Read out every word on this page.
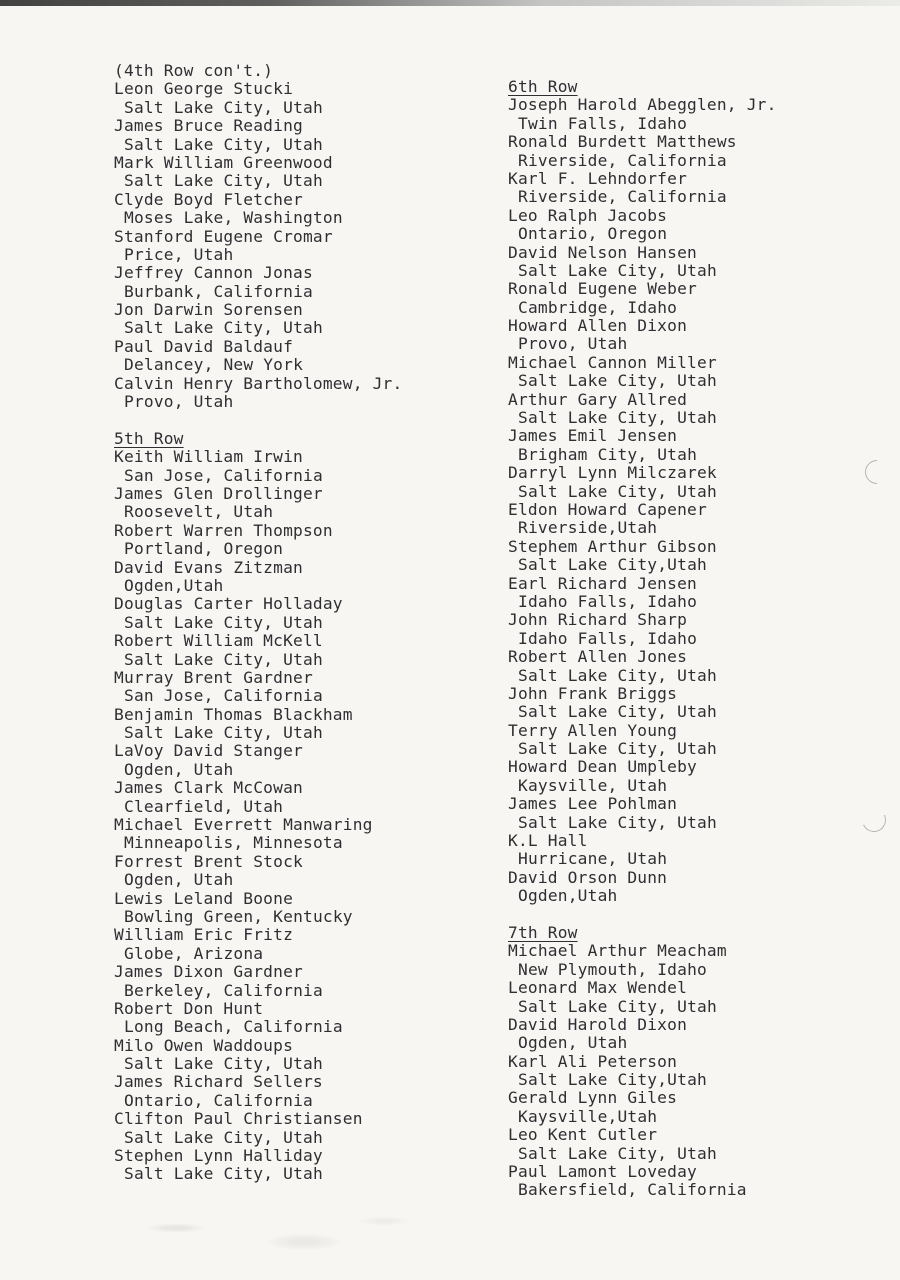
(4th Row con't.)
Leon George Stucki
Salt Lake City, Utah
James Bruce Reading
Salt Lake City, Utah
Mark William Greenwood
Salt Lake City, Utah
Clyde Boyd Fletcher
Moses Lake, Washington
Stanford Eugene Cromar
Price, Utah
Jeffrey Cannon Jonas
Burbank, California
Jon Darwin Sorensen
Salt Lake City, Utah
Paul David Baldauf
Delancey, New York
Calvin Henry Bartholomew, Jr.
Provo, Utah
5th Row
Keith William Irwin
San Jose, California
James Glen Drollinger
Roosevelt, Utah
Robert Warren Thompson
Portland, Oregon
David Evans Zitzman
Ogden,Utah
Douglas Carter Holladay
Salt Lake City, Utah
Robert William McKell
Salt Lake City, Utah
Murray Brent Gardner
San Jose, California
Benjamin Thomas Blackham
Salt Lake City, Utah
LaVoy David Stanger
Ogden, Utah
James Clark McCowan
Clearfield, Utah
Michael Everrett Manwaring
Minneapolis, Minnesota
Forrest Brent Stock
Ogden, Utah
Lewis Leland Boone
Bowling Green, Kentucky
William Eric Fritz
Globe, Arizona
James Dixon Gardner
Berkeley, California
Robert Don Hunt
Long Beach, California
Milo Owen Waddoups
Salt Lake City, Utah
James Richard Sellers
Ontario, California
Clifton Paul Christiansen
Salt Lake City, Utah
Stephen Lynn Halliday
Salt Lake City, Utah
6th Row
Joseph Harold Abegglen, Jr.
Twin Falls, Idaho
Ronald Burdett Matthews
Riverside, California
Karl F. Lehndorfer
Riverside, California
Leo Ralph Jacobs
Ontario, Oregon
David Nelson Hansen
Salt Lake City, Utah
Ronald Eugene Weber
Cambridge, Idaho
Howard Allen Dixon
Provo, Utah
Michael Cannon Miller
Salt Lake City, Utah
Arthur Gary Allred
Salt Lake City, Utah
James Emil Jensen
Brigham City, Utah
Darryl Lynn Milczarek
Salt Lake City, Utah
Eldon Howard Capener
Riverside,Utah
Stephem Arthur Gibson
Salt Lake City,Utah
Earl Richard Jensen
Idaho Falls, Idaho
John Richard Sharp
Idaho Falls, Idaho
Robert Allen Jones
Salt Lake City, Utah
John Frank Briggs
Salt Lake City, Utah
Terry Allen Young
Salt Lake City, Utah
Howard Dean Umpleby
Kaysville, Utah
James Lee Pohlman
Salt Lake City, Utah
K.L Hall
Hurricane, Utah
David Orson Dunn
Ogden,Utah
7th Row
Michael Arthur Meacham
New Plymouth, Idaho
Leonard Max Wendel
Salt Lake City, Utah
David Harold Dixon
Ogden, Utah
Karl Ali Peterson
Salt Lake City,Utah
Gerald Lynn Giles
Kaysville,Utah
Leo Kent Cutler
Salt Lake City, Utah
Paul Lamont Loveday
Bakersfield, California
